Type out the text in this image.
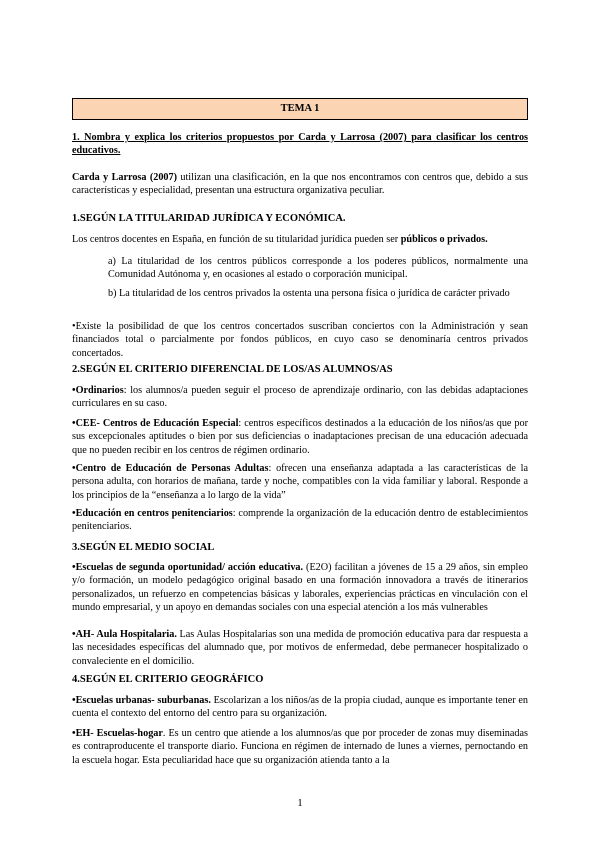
TEMA 1
1. Nombra y explica los criterios propuestos por Carda y Larrosa (2007) para clasificar los centros educativos.
Carda y Larrosa (2007) utilizan una clasificación, en la que nos encontramos con centros que, debido a sus características y especialidad, presentan una estructura organizativa peculiar.
1.SEGÚN LA TITULARIDAD JURÍDICA Y ECONÓMICA.
Los centros docentes en España, en función de su titularidad jurídica pueden ser públicos o privados.
a) La titularidad de los centros públicos corresponde a los poderes públicos, normalmente una Comunidad Autónoma y, en ocasiones al estado o corporación municipal.
b) La titularidad de los centros privados la ostenta una persona física o jurídica de carácter privado
•Existe la posibilidad de que los centros concertados suscriban conciertos con la Administración y sean financiados total o parcialmente por fondos públicos, en cuyo caso se denominaría centros privados concertados.
2.SEGÚN EL CRITERIO DIFERENCIAL DE LOS/AS ALUMNOS/AS
•Ordinarios: los alumnos/a pueden seguir el proceso de aprendizaje ordinario, con las debidas adaptaciones curriculares en su caso.
•CEE- Centros de Educación Especial: centros específicos destinados a la educación de los niños/as que por sus excepcionales aptitudes o bien por sus deficiencias o inadaptaciones precisan de una educación adecuada que no pueden recibir en los centros de régimen ordinario.
•Centro de Educación de Personas Adultas: ofrecen una enseñanza adaptada a las características de la persona adulta, con horarios de mañana, tarde y noche, compatibles con la vida familiar y laboral. Responde a los principios de la “enseñanza a lo largo de la vida”
•Educación en centros penitenciarios: comprende la organización de la educación dentro de establecimientos penitenciarios.
3.SEGÚN EL MEDIO SOCIAL
•Escuelas de segunda oportunidad/ acción educativa. (E2O) facilitan a jóvenes de 15 a 29 años, sin empleo y/o formación, un modelo pedagógico original basado en una formación innovadora a través de itinerarios personalizados, un refuerzo en competencias básicas y laborales, experiencias prácticas en vinculación con el mundo empresarial, y un apoyo en demandas sociales con una especial atención a los más vulnerables
•AH- Aula Hospitalaria. Las Aulas Hospitalarias son una medida de promoción educativa para dar respuesta a las necesidades específicas del alumnado que, por motivos de enfermedad, debe permanecer hospitalizado o convaleciente en el domicilio.
4.SEGÚN EL CRITERIO GEOGRÁFICO
•Escuelas urbanas- suburbanas. Escolarizan a los niños/as de la propia ciudad, aunque es importante tener en cuenta el contexto del entorno del centro para su organización.
•EH- Escuelas-hogar. Es un centro que atiende a los alumnos/as que por proceder de zonas muy diseminadas es contraproducente el transporte diario. Funciona en régimen de internado de lunes a viernes, pernoctando en la escuela hogar. Esta peculiaridad hace que su organización atienda tanto a la
1
